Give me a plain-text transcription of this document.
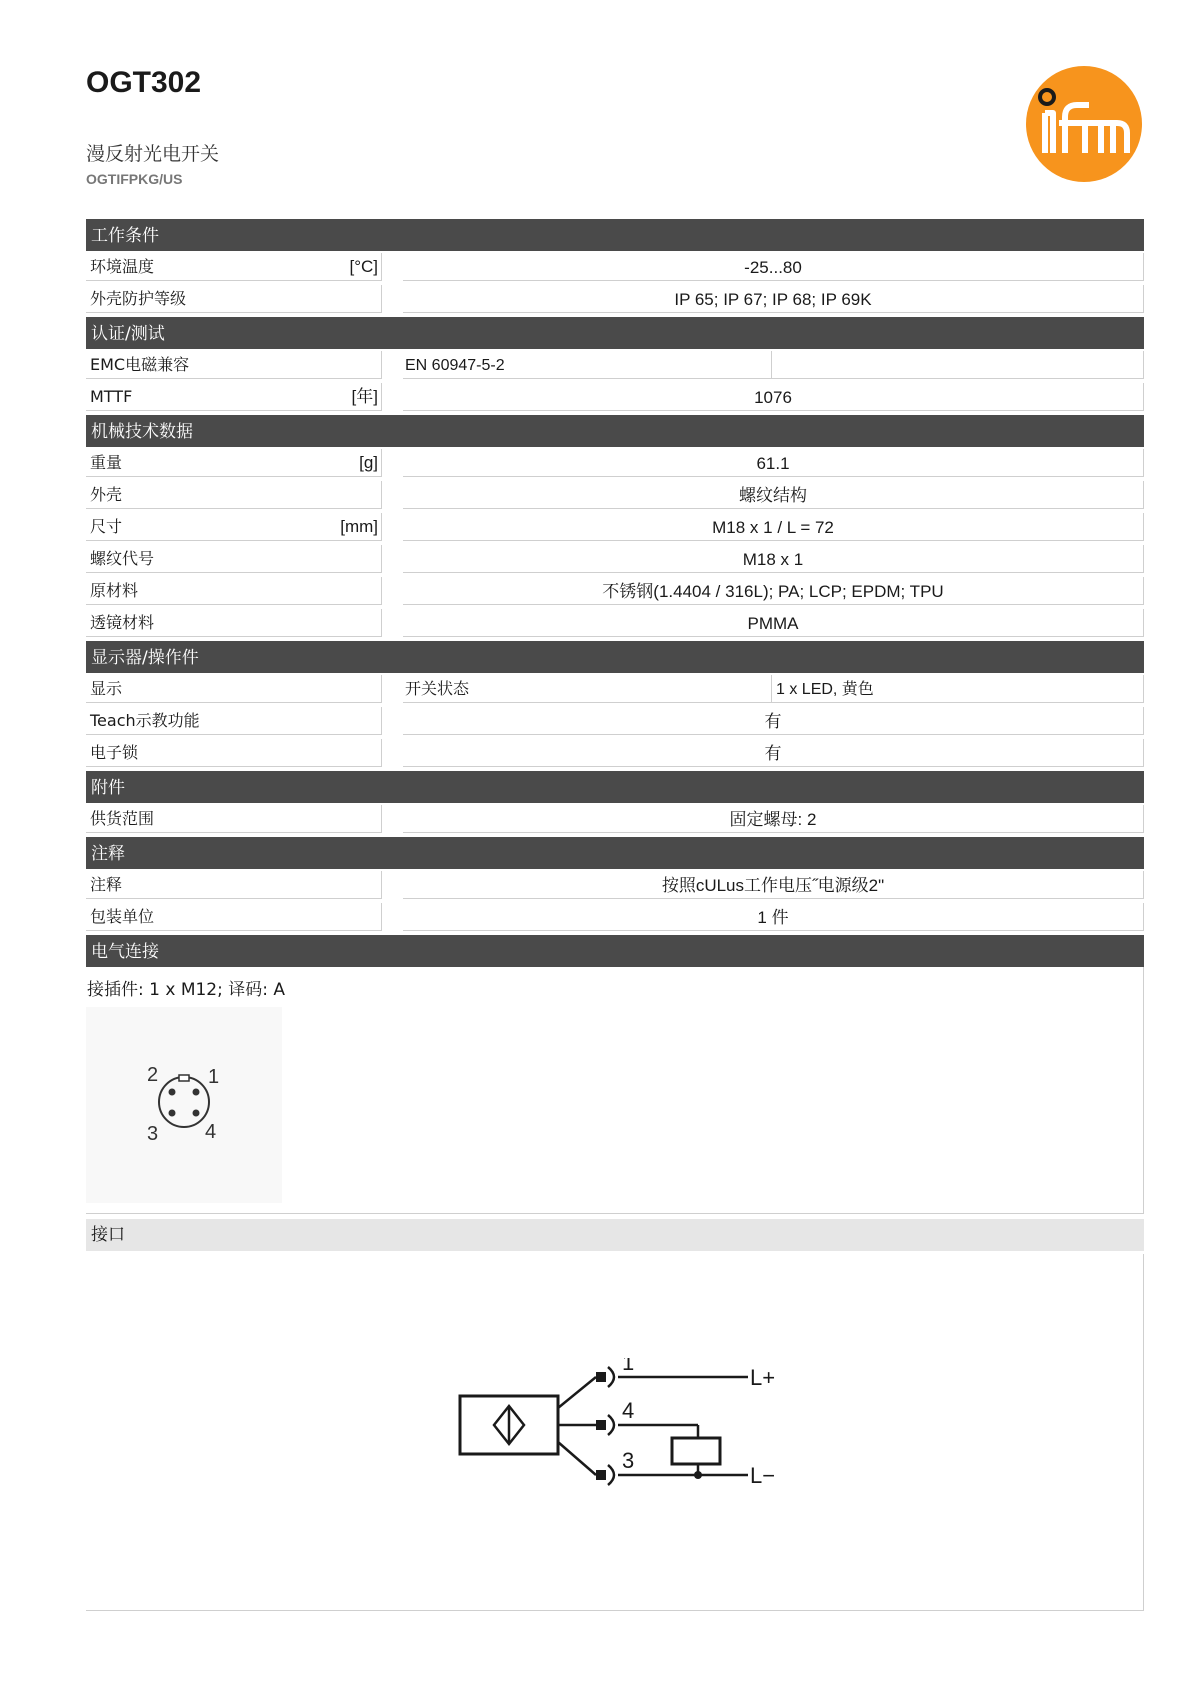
OGT302
漫反射光电开关
OGTIFPKG/US	ifm
工作条件
环境温度	[°C]	-25...80
外壳防护等级	IP 65; IP 67; IP 68; IP 69K
认证/测试
EMC电磁兼容	EN 60947-5-2
MTTF	[年]	1076
机械技术数据
重量	[g]	61.1
外壳	螺纹结构
尺寸	[mm]	M18 x 1 / L = 72
螺纹代号	M18 x 1
原材料	不锈钢(1.4404 / 316L); PA; LCP; EPDM; TPU
透镜材料	PMMA
显示器/操作件
显示	开关状态	1 x LED, 黄色
Teach示教功能	有
电子锁	有
附件
供货范围	固定螺母: 2
注释
注释	按照cULus工作电压˝电源级2"
包装单位	1 件
电气连接
接插件: 1 x M12; 译码: A
2 1
3 4
接口
1
4
3
L+
L−
